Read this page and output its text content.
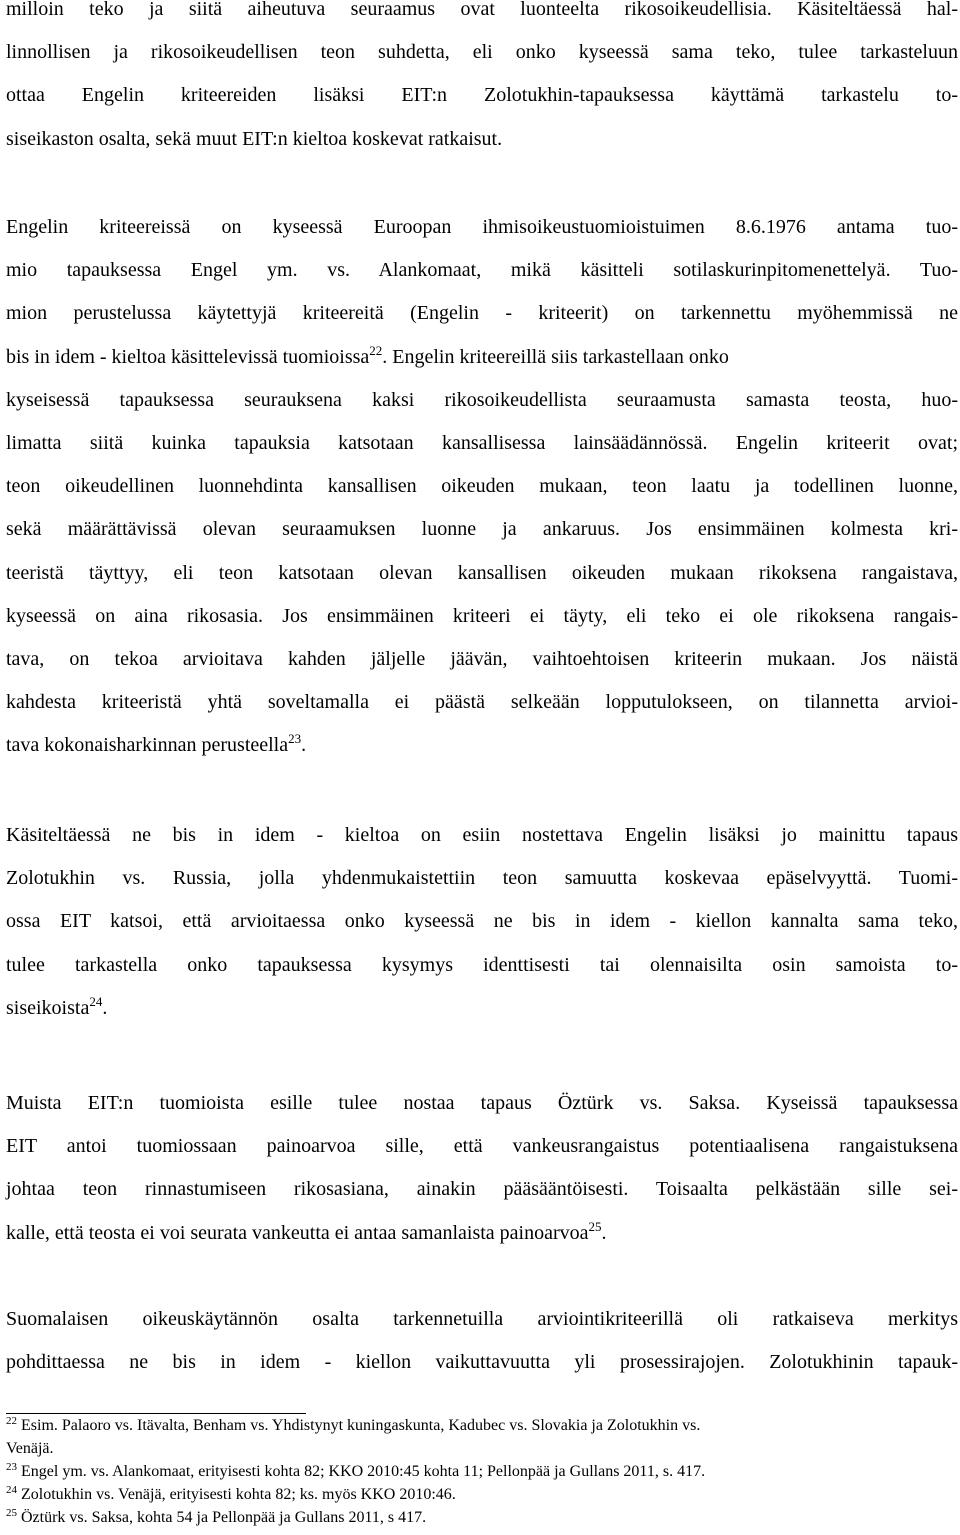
milloin teko ja siitä aiheutuva seuraamus ovat luonteelta rikosoikeudellisia. Käsiteltäessä hal-
linnollisen ja rikosoikeudellisen teon suhdetta, eli onko kyseessä sama teko, tulee tarkasteluun
ottaa Engelin kriteereiden lisäksi EIT:n Zolotukhin-tapauksessa käyttämä tarkastelu to-
siseikaston osalta, sekä muut EIT:n kieltoa koskevat ratkaisut.
Engelin kriteereissä on kyseessä Euroopan ihmisoikeustuomioistuimen 8.6.1976 antama tuo-
mio tapauksessa Engel ym. vs. Alankomaat, mikä käsitteli sotilaskurinpitomenettelyä. Tuo-
mion perustelussa käytettyjä kriteereitä (Engelin - kriteerit) on tarkennettu myöhemmissä ne
bis in idem - kieltoa käsittelevissä tuomioissa$^{22}$. Engelin kriteereillä siis tarkastellaan onko
kyseisessä tapauksessa seurauksena kaksi rikosoikeudellista seuraamusta samasta teosta, huo-
limatta siitä kuinka tapauksia katsotaan kansallisessa lainsäädännössä. Engelin kriteerit ovat;
teon oikeudellinen luonnehdinta kansallisen oikeuden mukaan, teon laatu ja todellinen luonne,
sekä määrättävissä olevan seuraamuksen luonne ja ankaruus. Jos ensimmäinen kolmesta kri-
teeristä täyttyy, eli teon katsotaan olevan kansallisen oikeuden mukaan rikoksena rangaistava,
kyseessä on aina rikosasia. Jos ensimmäinen kriteeri ei täyty, eli teko ei ole rikoksena rangais-
tava, on tekoa arvioitava kahden jäljelle jäävän, vaihtoehtoisen kriteerin mukaan. Jos näistä
kahdesta kriteeristä yhtä soveltamalla ei päästä selkeään lopputulokseen, on tilannetta arvioi-
tava kokonaisharkinnan perusteella$^{23}$.
Käsiteltäessä ne bis in idem - kieltoa on esiin nostettava Engelin lisäksi jo mainittu tapaus
Zolotukhin vs. Russia, jolla yhdenmukaistettiin teon samuutta koskevaa epäselvyyttä. Tuomi-
ossa EIT katsoi, että arvioitaessa onko kyseessä ne bis in idem - kiellon kannalta sama teko,
tulee tarkastella onko tapauksessa kysymys identtisesti tai olennaisilta osin samoista to-
siseikoista$^{24}$.
Muista EIT:n tuomioista esille tulee nostaa tapaus Öztürk vs. Saksa. Kyseissä tapauksessa
EIT antoi tuomiossaan painoarvoa sille, että vankeusrangaistus potentiaalisena rangaistuksena
johtaa teon rinnastumiseen rikosasiana, ainakin pääsääntöisesti. Toisaalta pelkästään sille sei-
kalle, että teosta ei voi seurata vankeutta ei antaa samanlaista painoarvoa$^{25}$.
Suomalaisen oikeuskäytännön osalta tarkennetuilla arviointikriteerillä oli ratkaiseva merkitys
pohdittaessa ne bis in idem - kiellon vaikuttavuutta yli prosessirajojen. Zolotukhinin tapauk-

$^{22}$ Esim. Palaoro vs. Itävalta, Benham vs. Yhdistynyt kuningaskunta, Kadubec vs. Slovakia ja Zolotukhin vs.
Venäjä.

$^{23}$ Engel ym. vs. Alankomaat, erityisesti kohta 82; KKO 2010:45 kohta 11; Pellonpää ja Gullans 2011, s. 417.

$^{24}$ Zolotukhin vs. Venäjä, erityisesti kohta 82; ks. myös KKO 2010:46.

$^{25}$ Öztürk vs. Saksa, kohta 54 ja Pellonpää ja Gullans 2011, s 417.
